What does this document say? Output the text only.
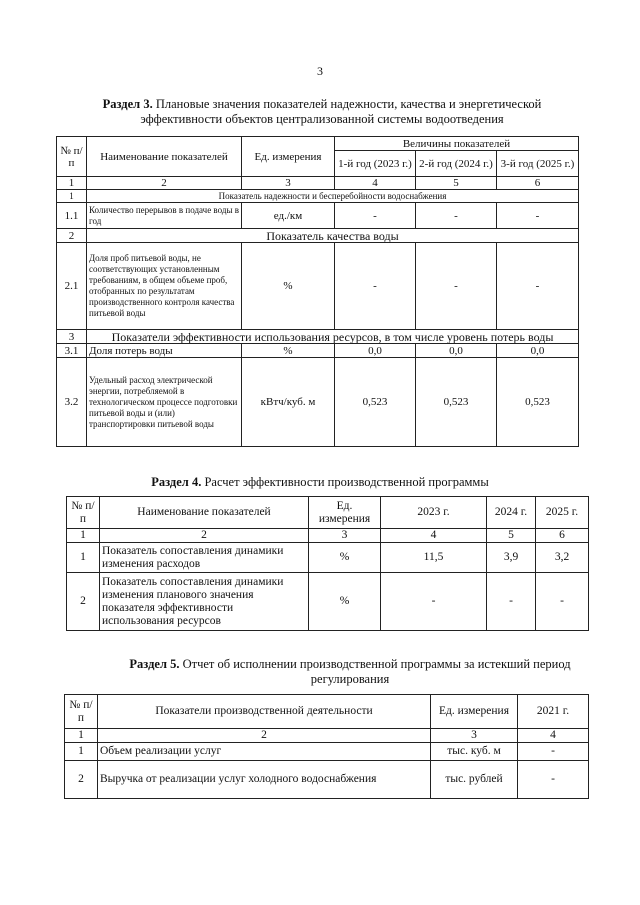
3
Раздел 3. Плановые значения показателей надежности, качества и энергетической эффективности объектов централизованной системы водоотведения
№ п/п	Наименование показателей	Ед. измерения	Величины показателей		
			1-й год (2023 г.)	2-й год (2024 г.)	3-й год (2025 г.)
1	2	3	4	5	6
1	Показатель надежности и бесперебойности водоснабжения				
1.1	Количество перерывов в подаче воды в год	ед./км	-	-	-
2	Показатель качества воды				
2.1	Доля проб питьевой воды, не соответствующих установленным требованиям, в общем объеме проб, отобранных по результатам производственного контроля качества питьевой воды	%	-	-	-
3	Показатели эффективности использования ресурсов, в том числе уровень потерь воды				
3.1	Доля потерь воды	%	0,0	0,0	0,0
3.2	Удельный расход электрической энергии, потребляемой в технологическом процессе подготовки питьевой воды и (или) транспортировки питьевой воды	кВтч/куб. м	0,523	0,523	0,523
Раздел 4. Расчет эффективности производственной программы
№ п/п	Наименование показателей	Ед. измерения	2023 г.	2024 г.	2025 г.
1	2	3	4	5	6
1	Показатель сопоставления динамики изменения расходов	%	11,5	3,9	3,2
2	Показатель сопоставления динамики изменения планового значения показателя эффективности использования ресурсов	%	-	-	-
Раздел 5. Отчет об исполнении производственной программы за истекший период регулирования
№ п/п	Показатели производственной деятельности	Ед. измерения	2021 г.
1	2	3	4
1	Объем реализации услуг	тыс. куб. м	-
2	Выручка от реализации услуг холодного водоснабжения	тыс. рублей	-
